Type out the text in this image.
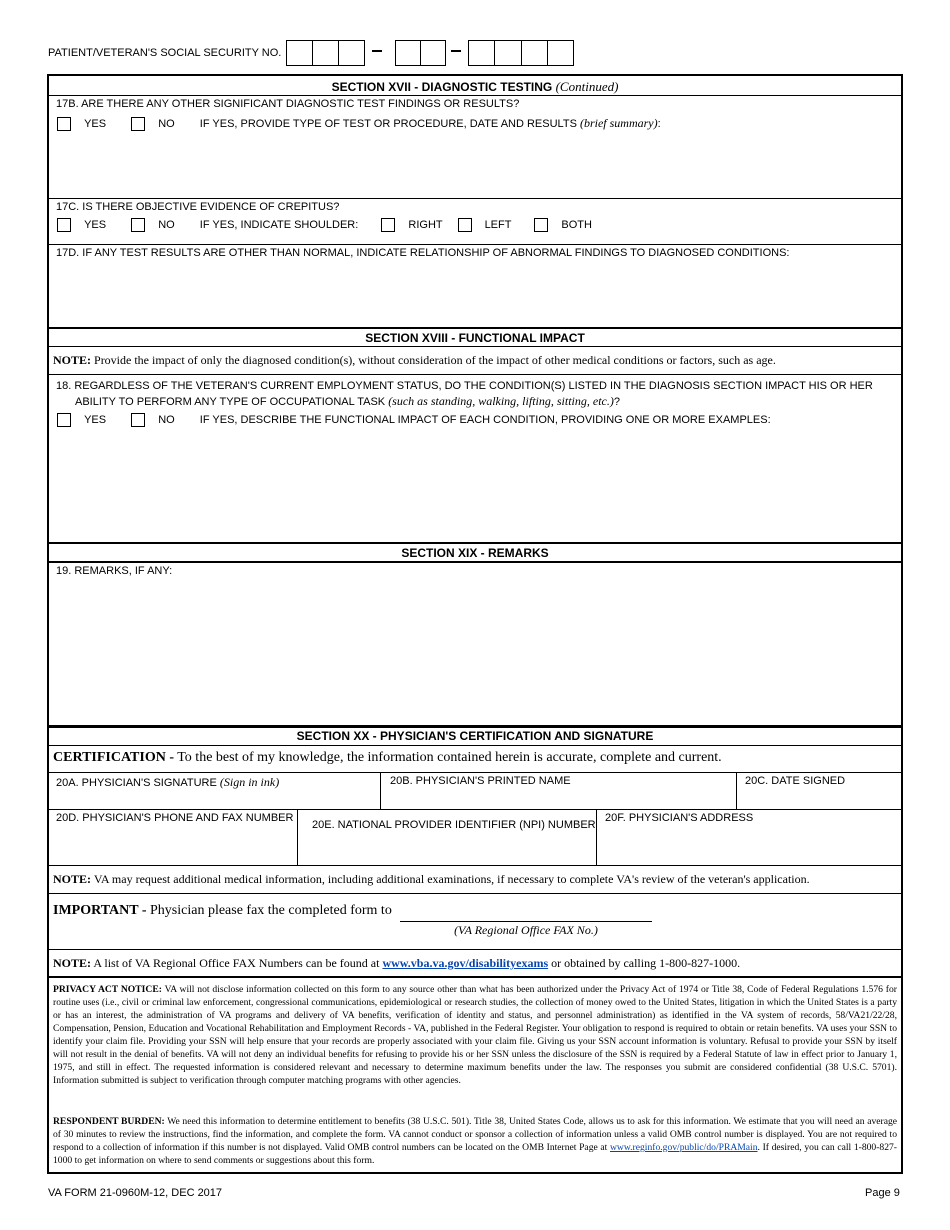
PATIENT/VETERAN'S SOCIAL SECURITY NO.
SECTION XVII - DIAGNOSTIC TESTING (Continued)
17B. ARE THERE ANY OTHER SIGNIFICANT DIAGNOSTIC TEST FINDINGS OR RESULTS?
YES	NO IF YES, PROVIDE TYPE OF TEST OR PROCEDURE, DATE AND RESULTS (brief summary):
17C. IS THERE OBJECTIVE EVIDENCE OF CREPITUS?
YES	NO IF YES, INDICATE SHOULDER:	RIGHT	LEFT	BOTH
17D. IF ANY TEST RESULTS ARE OTHER THAN NORMAL, INDICATE RELATIONSHIP OF ABNORMAL FINDINGS TO DIAGNOSED CONDITIONS:
SECTION XVIII - FUNCTIONAL IMPACT
NOTE: Provide the impact of only the diagnosed condition(s), without consideration of the impact of other medical conditions or factors, such as age.
18. REGARDLESS OF THE VETERAN'S CURRENT EMPLOYMENT STATUS, DO THE CONDITION(S) LISTED IN THE DIAGNOSIS SECTION IMPACT HIS OR HER
ABILITY TO PERFORM ANY TYPE OF OCCUPATIONAL TASK (such as standing, walking, lifting, sitting, etc.)?
YES	NO IF YES, DESCRIBE THE FUNCTIONAL IMPACT OF EACH CONDITION, PROVIDING ONE OR MORE EXAMPLES:
SECTION XIX - REMARKS
19. REMARKS, IF ANY:
SECTION XX - PHYSICIAN'S CERTIFICATION AND SIGNATURE
CERTIFICATION - To the best of my knowledge, the information contained herein is accurate, complete and current.
20A. PHYSICIAN'S SIGNATURE (Sign in ink)	20B. PHYSICIAN'S PRINTED NAME	20C. DATE SIGNED
20D. PHYSICIAN'S PHONE AND FAX NUMBER
20E. NATIONAL PROVIDER IDENTIFIER (NPI) NUMBER
20F. PHYSICIAN'S ADDRESS
NOTE: VA may request additional medical information, including additional examinations, if necessary to complete VA's review of the veteran's application.
IMPORTANT - Physician please fax the completed form to
(VA Regional Office FAX No.)
NOTE: A list of VA Regional Office FAX Numbers can be found at www.vba.va.gov/disabilityexams or obtained by calling 1-800-827-1000.
PRIVACY ACT NOTICE: VA will not disclose information collected on this form to any source other than what has been authorized under the Privacy Act of 1974 or Title 38, Code of Federal Regulations 1.576 for routine uses (i.e., civil or criminal law enforcement, congressional communications, epidemiological or research studies, the collection of money owed to the United States, litigation in which the United States is a party or has an interest, the administration of VA programs and delivery of VA benefits, verification of identity and status, and personnel administration) as identified in the VA system of records, 58/VA21/22/28, Compensation, Pension, Education and Vocational Rehabilitation and Employment Records - VA, published in the Federal Register. Your obligation to respond is required to obtain or retain benefits. VA uses your SSN to identify your claim file. Providing your SSN will help ensure that your records are properly associated with your claim file. Giving us your SSN account information is voluntary. Refusal to provide your SSN by itself will not result in the denial of benefits. VA will not deny an individual benefits for refusing to provide his or her SSN unless the disclosure of the SSN is required by a Federal Statute of law in effect prior to January 1, 1975, and still in effect. The requested information is considered relevant and necessary to determine maximum benefits under the law. The responses you submit are considered confidential (38 U.S.C. 5701). Information submitted is subject to verification through computer matching programs with other agencies.
RESPONDENT BURDEN: We need this information to determine entitlement to benefits (38 U.S.C. 501). Title 38, United States Code, allows us to ask for this information. We estimate that you will need an average of 30 minutes to review the instructions, find the information, and complete the form. VA cannot conduct or sponsor a collection of information unless a valid OMB control number is displayed. You are not required to respond to a collection of information if this number is not displayed. Valid OMB control numbers can be located on the OMB Internet Page at www.reginfo.gov/public/do/PRAMain. If desired, you can call 1-800-827-1000 to get information on where to send comments or suggestions about this form.
VA FORM 21-0960M-12, DEC 2017	Page 9
